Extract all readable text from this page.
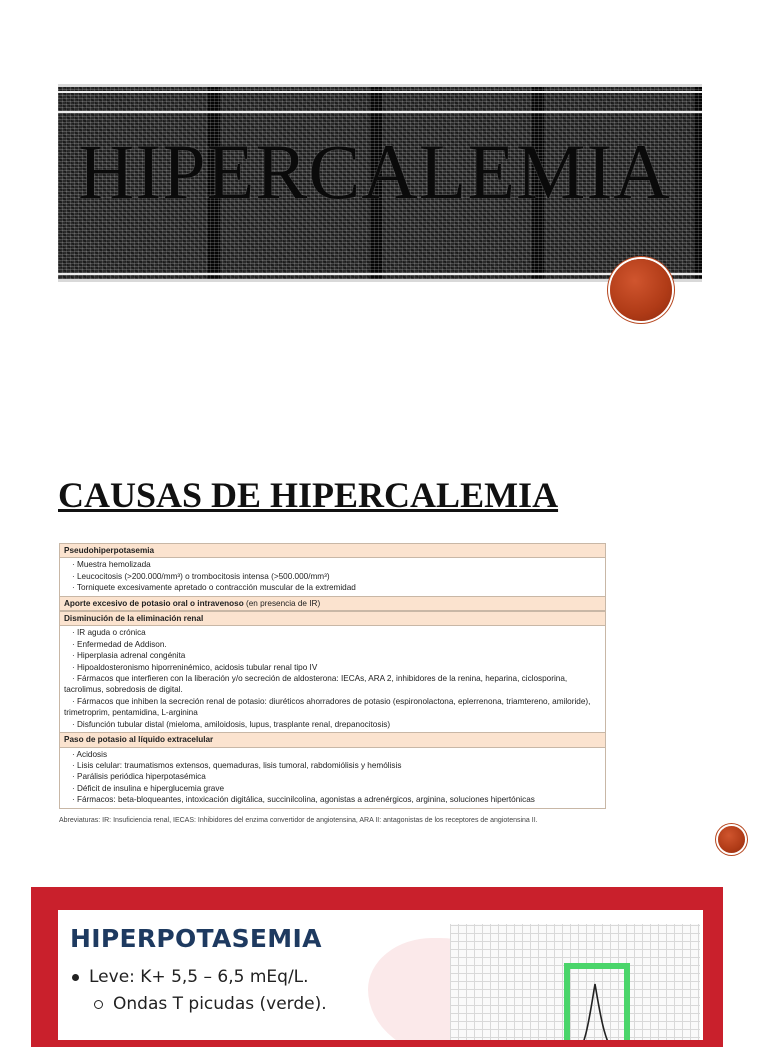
HIPERCALEMIA
CAUSAS DE HIPERCALEMIA
Pseudohiperpotasemia
· Muestra hemolizada
· Leucocitosis (>200.000/mm³) o trombocitosis intensa (>500.000/mm³)
· Torniquete excesivamente apretado o contracción muscular de la extremidad
Aporte excesivo de potasio oral o intravenoso (en presencia de IR)
Disminución de la eliminación renal
· IR aguda o crónica
· Enfermedad de Addison.
· Hiperplasia adrenal congénita
· Hipoaldosteronismo hiporreninémico, acidosis tubular renal tipo IV
· Fármacos que interfieren con la liberación y/o secreción de aldosterona: IECAs, ARA 2, inhibidores de la renina, heparina, ciclosporina, tacrolimus, sobredosis de digital.
· Fármacos que inhiben la secreción renal de potasio: diuréticos ahorradores de potasio (espironolactona, eplerrenona, triamtereno, amiloride), trimetroprim, pentamidina, L-arginina
· Disfunción tubular distal (mieloma, amiloidosis, lupus, trasplante renal, drepanocitosis)
Paso de potasio al líquido extracelular
· Acidosis
· Lisis celular: traumatismos extensos, quemaduras, lisis tumoral, rabdomiólisis y hemólisis
· Parálisis periódica hiperpotasémica
· Déficit de insulina e hiperglucemia grave
· Fármacos: beta-bloqueantes, intoxicación digitálica, succinilcolina, agonistas a adrenérgicos, arginina, soluciones hipertónicas
Abreviaturas: IR: Insuficiencia renal, IECAS: Inhibidores del enzima convertidor de angiotensina, ARA II: antagonistas de los receptores de angiotensina II.
HIPERPOTASEMIA
Leve: K+ 5,5 – 6,5 mEq/L.
Ondas T picudas (verde).
